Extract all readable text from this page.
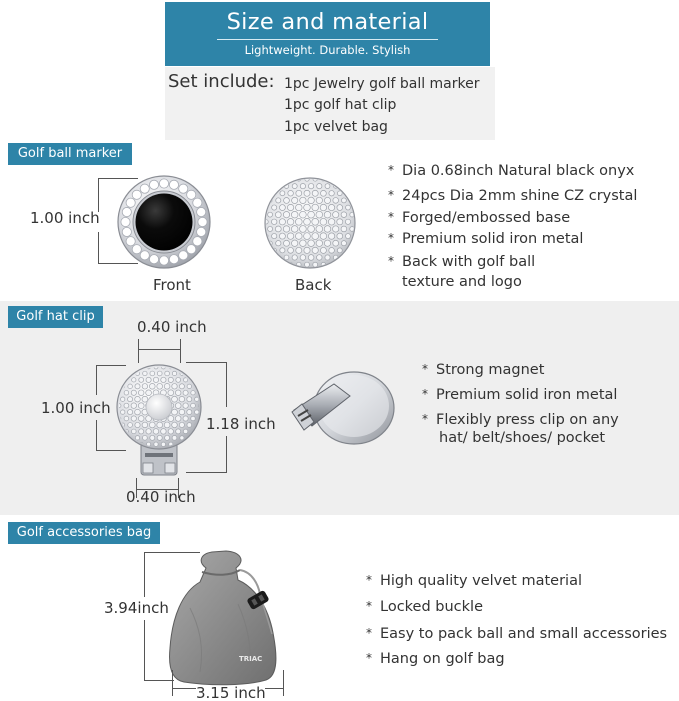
Size and material
Lightweight. Durable. Stylish
Set include: 1pc Jewelry golf ball marker
1pc golf hat clip
1pc velvet bag
Golf ball marker
1.00 inch
Front	Back
* Dia 0.68inch Natural black onyx
* 24pcs Dia 2mm shine CZ crystal
* Forged/embossed base
* Premium solid iron metal
* Back with golf ball
texture and logo
Golf hat clip
0.40 inch
1.00 inch
1.18 inch
0.40 inch
* Strong magnet
* Premium solid iron metal
* Flexibly press clip on any
hat/ belt/shoes/ pocket
Golf accessories bag
3.94inch
TRIAC
3.15 inch
* High quality velvet material
* Locked buckle
* Easy to pack ball and small accessories
* Hang on golf bag
